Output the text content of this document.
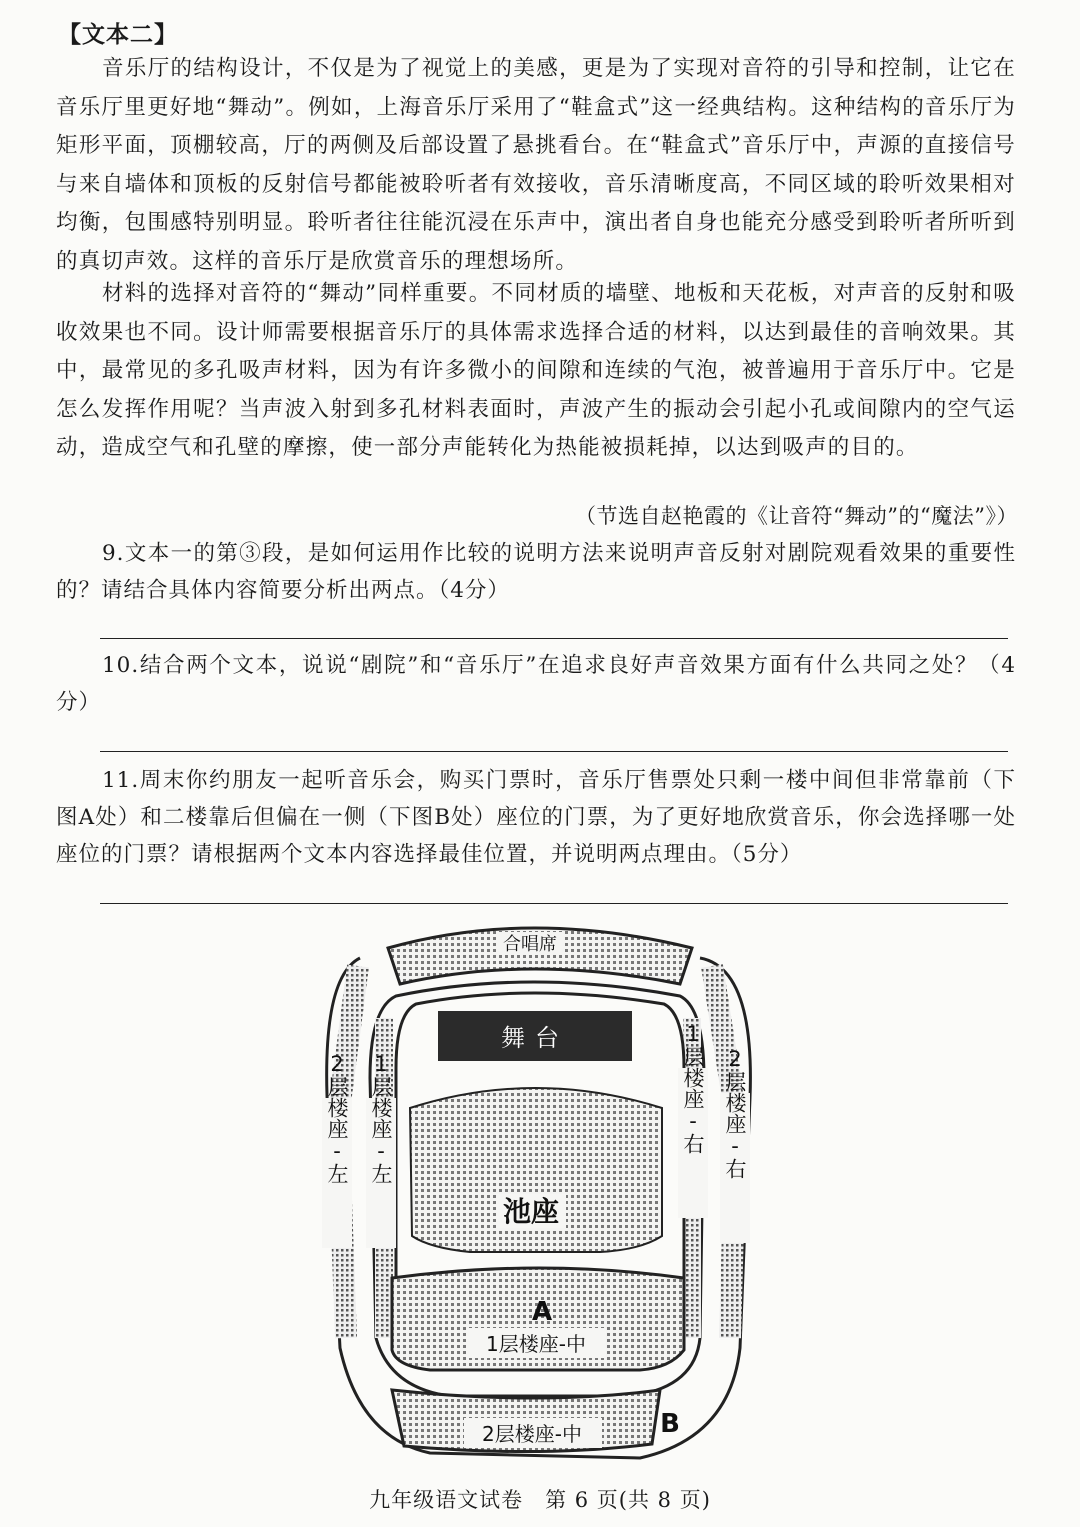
【文本二】

音乐厅的结构设计，不仅是为了视觉上的美感，更是为了实现对音符的引导和控制，让它在音乐厅里更好地“舞动”。例如，上海音乐厅采用了“鞋盒式”这一经典结构。这种结构的音乐厅为矩形平面，顶棚较高，厅的两侧及后部设置了悬挑看台。在“鞋盒式”音乐厅中，声源的直接信号与来自墙体和顶板的反射信号都能被聆听者有效接收，音乐清晰度高，不同区域的聆听效果相对均衡，包围感特别明显。聆听者往往能沉浸在乐声中，演出者自身也能充分感受到聆听者所听到的真切声效。这样的音乐厅是欣赏音乐的理想场所。

材料的选择对音符的“舞动”同样重要。不同材质的墙壁、地板和天花板，对声音的反射和吸收效果也不同。设计师需要根据音乐厅的具体需求选择合适的材料，以达到最佳的音响效果。其中，最常见的多孔吸声材料，因为有许多微小的间隙和连续的气泡，被普遍用于音乐厅中。它是怎么发挥作用呢？当声波入射到多孔材料表面时，声波产生的振动会引起小孔或间隙内的空气运动，造成空气和孔壁的摩擦，使一部分声能转化为热能被损耗掉，以达到吸声的目的。

（节选自赵艳霞的《让音符“舞动”的“魔法”》）

9.文本一的第③段，是如何运用作比较的说明方法来说明声音反射对剧院观看效果的重要性的？请结合具体内容简要分析出两点。（4分）

10.结合两个文本，说说“剧院”和“音乐厅”在追求良好声音效果方面有什么共同之处？（4分）

11.周末你约朋友一起听音乐会，购买门票时，音乐厅售票处只剩一楼中间但非常靠前（下图A处）和二楼靠后但偏在一侧（下图B处）座位的门票，为了更好地欣赏音乐，你会选择哪一处座位的门票？请根据两个文本内容选择最佳位置，并说明两点理由。（5分）

合唱席
舞台
池座
1层楼座-中
A
2层楼座-中	B
2层楼座-左 1层楼座-左	1层楼座-右 2层楼座-右
九年级语文试卷　第 6 页(共 8 页)
